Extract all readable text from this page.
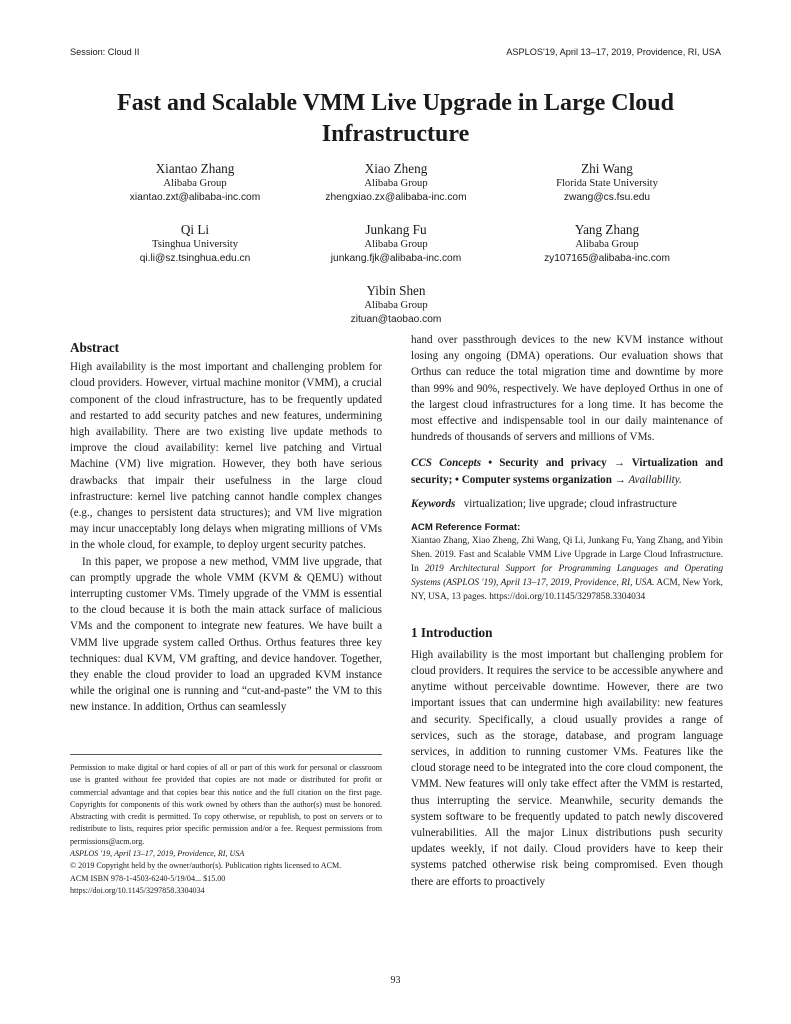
Session: Cloud II	ASPLOS'19, April 13–17, 2019, Providence, RI, USA
Fast and Scalable VMM Live Upgrade in Large Cloud Infrastructure
Xiantao Zhang
Alibaba Group
xiantao.zxt@alibaba-inc.com
Xiao Zheng
Alibaba Group
zhengxiao.zx@alibaba-inc.com
Zhi Wang
Florida State University
zwang@cs.fsu.edu
Qi Li
Tsinghua University
qi.li@sz.tsinghua.edu.cn
Junkang Fu
Alibaba Group
junkang.fjk@alibaba-inc.com
Yang Zhang
Alibaba Group
zy107165@alibaba-inc.com
Yibin Shen
Alibaba Group
zituan@taobao.com
Abstract

High availability is the most important and challenging problem for cloud providers. However, virtual machine monitor (VMM), a crucial component of the cloud infrastructure, has to be frequently updated and restarted to add security patches and new features, undermining high availability. There are two existing live update methods to improve the cloud availability: kernel live patching and Virtual Machine (VM) live migration. However, they both have serious drawbacks that impair their usefulness in the large cloud infrastructure: kernel live patching cannot handle complex changes (e.g., changes to persistent data structures); and VM live migration may incur unacceptably long delays when migrating millions of VMs in the whole cloud, for example, to deploy urgent security patches.

In this paper, we propose a new method, VMM live upgrade, that can promptly upgrade the whole VMM (KVM & QEMU) without interrupting customer VMs. Timely upgrade of the VMM is essential to the cloud because it is both the main attack surface of malicious VMs and the component to integrate new features. We have built a VMM live upgrade system called Orthus. Orthus features three key techniques: dual KVM, VM grafting, and device handover. Together, they enable the cloud provider to load an upgraded KVM instance while the original one is running and “cut-and-paste” the VM to this new instance. In addition, Orthus can seamlessly

hand over passthrough devices to the new KVM instance without losing any ongoing (DMA) operations. Our evaluation shows that Orthus can reduce the total migration time and downtime by more than 99% and 90%, respectively. We have deployed Orthus in one of the largest cloud infrastructures for a long time. It has become the most effective and indispensable tool in our daily maintenance of hundreds of thousands of servers and millions of VMs.

CCS Concepts • Security and privacy → Virtualization and security; • Computer systems organization → Availability.

Keywords virtualization; live upgrade; cloud infrastructure

ACM Reference Format:

Xiantao Zhang, Xiao Zheng, Zhi Wang, Qi Li, Junkang Fu, Yang Zhang, and Yibin Shen. 2019. Fast and Scalable VMM Live Upgrade in Large Cloud Infrastructure. In 2019 Architectural Support for Programming Languages and Operating Systems (ASPLOS '19), April 13–17, 2019, Providence, RI, USA. ACM, New York, NY, USA, 13 pages. https://doi.org/10.1145/3297858.3304034

1 Introduction

High availability is the most important but challenging problem for cloud providers. It requires the service to be accessible anywhere and anytime without perceivable downtime. However, there are two important issues that can undermine high availability: new features and security. Specifically, a cloud usually provides a range of services, such as the storage, database, and program language services, in addition to running customer VMs. Features like the cloud storage need to be integrated into the core cloud component, the VMM. New features will only take effect after the VMM is restarted, thus interrupting the service. Meanwhile, security demands the system software to be frequently updated to patch newly discovered vulnerabilities. All the major Linux distributions push security updates weekly, if not daily. Cloud providers have to keep their systems patched otherwise risk being compromised. Even though there are efforts to proactively

Permission to make digital or hard copies of all or part of this work for personal or classroom use is granted without fee provided that copies are not made or distributed for profit or commercial advantage and that copies bear this notice and the full citation on the first page. Copyrights for components of this work owned by others than the author(s) must be honored. Abstracting with credit is permitted. To copy otherwise, or republish, to post on servers or to redistribute to lists, requires prior specific permission and/or a fee. Request permissions from permissions@acm.org.

ASPLOS '19, April 13–17, 2019, Providence, RI, USA

© 2019 Copyright held by the owner/author(s). Publication rights licensed to ACM.

ACM ISBN 978-1-4503-6240-5/19/04... $15.00

https://doi.org/10.1145/3297858.3304034

93
